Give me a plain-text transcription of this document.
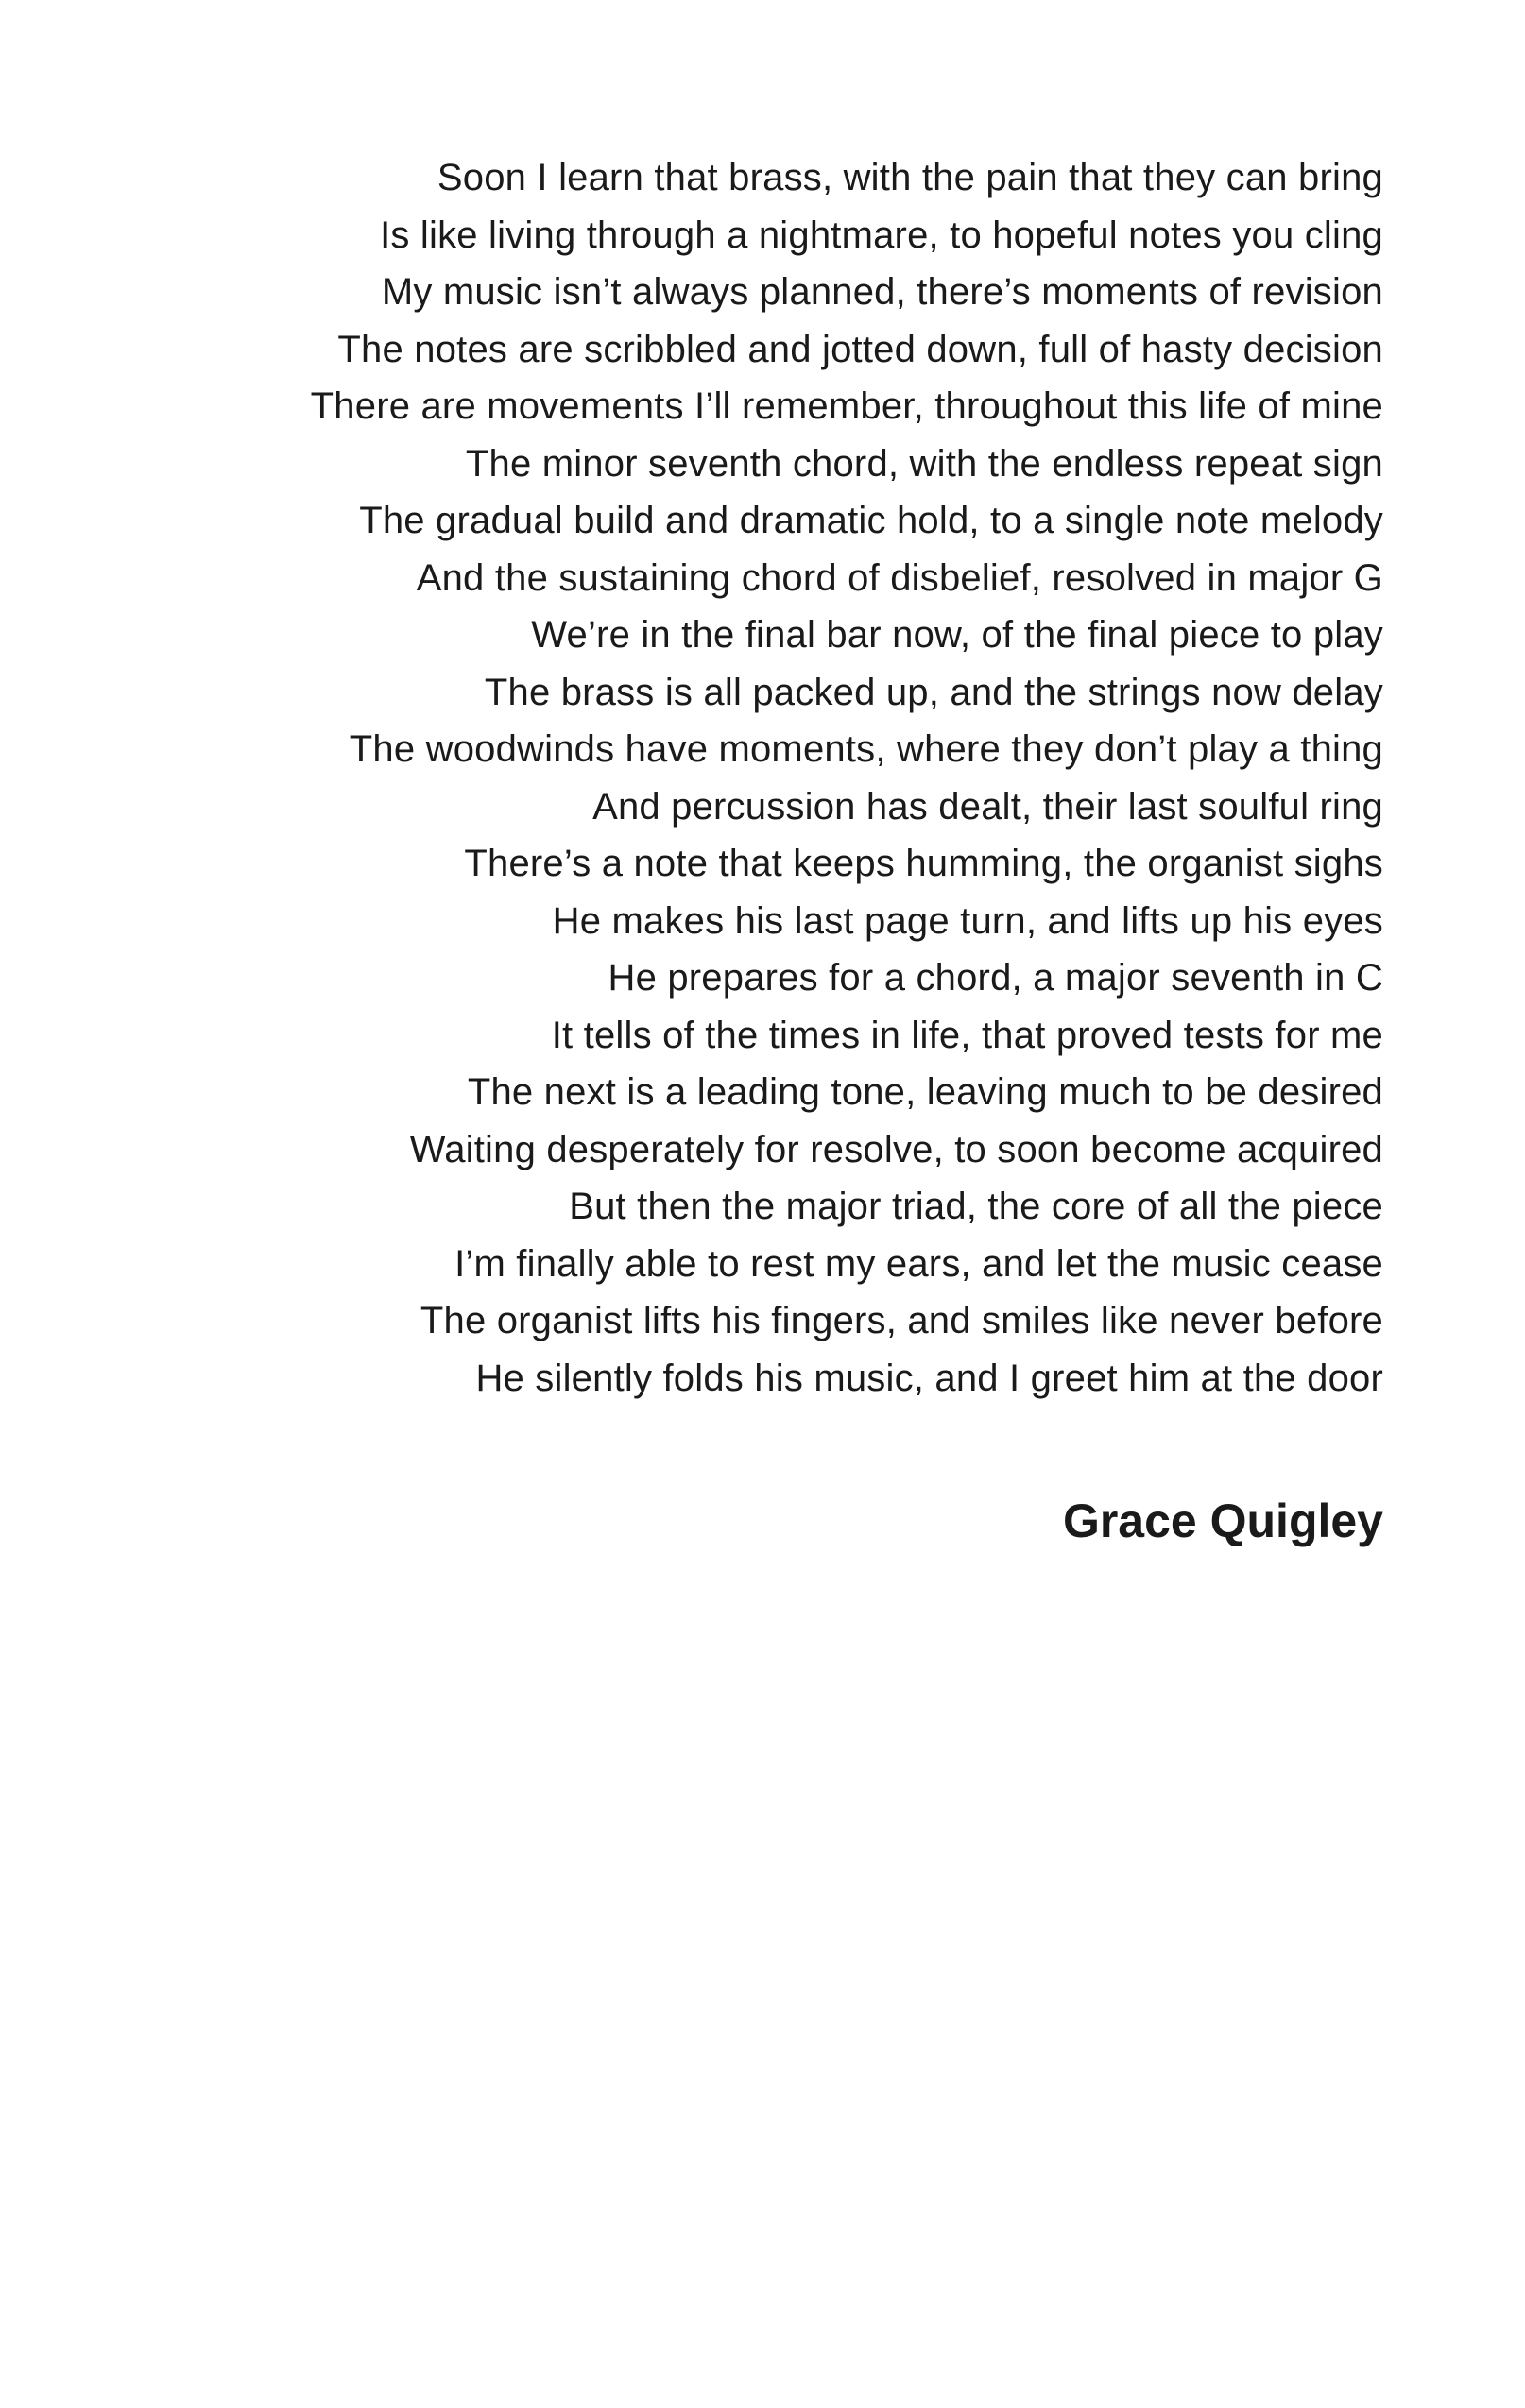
Soon I learn that brass, with the pain that they can bring
Is like living through a nightmare, to hopeful notes you cling
My music isn’t always planned, there’s moments of revision
The notes are scribbled and jotted down, full of hasty decision
There are movements I’ll remember, throughout this life of mine
The minor seventh chord, with the endless repeat sign
The gradual build and dramatic hold, to a single note melody
And the sustaining chord of disbelief, resolved in major G
We’re in the final bar now, of the final piece to play
The brass is all packed up, and the strings now delay
The woodwinds have moments, where they don’t play a thing
And percussion has dealt, their last soulful ring
There’s a note that keeps humming, the organist sighs
He makes his last page turn, and lifts up his eyes
He prepares for a chord, a major seventh in C
It tells of the times in life, that proved tests for me
The next is a leading tone, leaving much to be desired
Waiting desperately for resolve, to soon become acquired
But then the major triad, the core of all the piece
I’m finally able to rest my ears, and let the music cease
The organist lifts his fingers, and smiles like never before
He silently folds his music, and I greet him at the door
Grace Quigley
